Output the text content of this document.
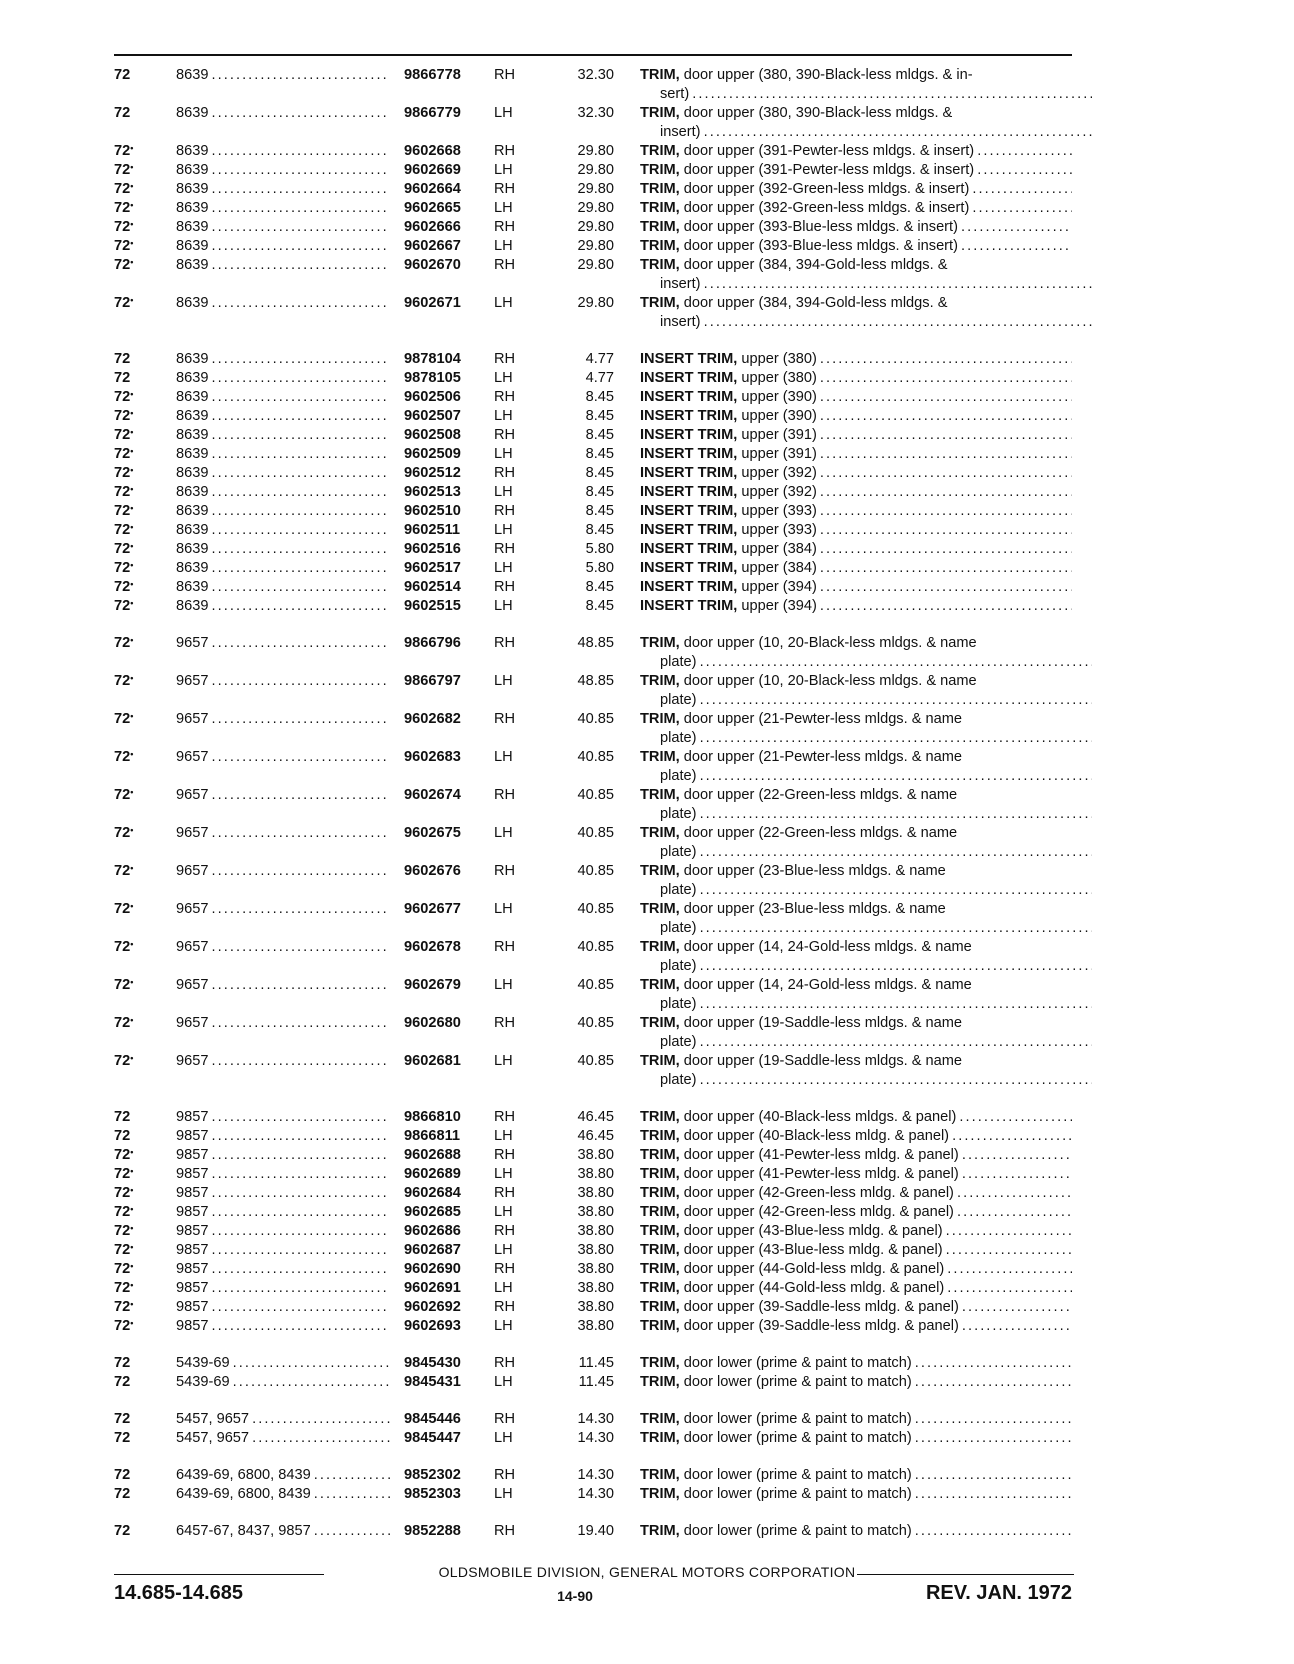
72	8639 . . .	9866778 RH	32.30 TRIM, door upper (380, 390-Black-less mldgs. & in-
sert) . . .
72	8639 . . .	9866779 LH	32.30 TRIM, door upper (380, 390-Black-less mldgs. &
insert) . . .
72•	8639 . . .	9602668 RH	29.80 TRIM, door upper (391-Pewter-less mldgs. & insert) . . .
72•	8639 . . .	9602669 LH	29.80 TRIM, door upper (391-Pewter-less mldgs. & insert) . . .
72•	8639 . . .	9602664 RH	29.80 TRIM, door upper (392-Green-less mldgs. & insert) . . .
72•	8639 . . .	9602665 LH	29.80 TRIM, door upper (392-Green-less mldgs. & insert) . . .
72•	8639 . . .	9602666 RH	29.80 TRIM, door upper (393-Blue-less mldgs. & insert) . . .
72•	8639 . . .	9602667 LH	29.80 TRIM, door upper (393-Blue-less mldgs. & insert) . . .
72•	8639 . . .	9602670 RH	29.80 TRIM, door upper (384, 394-Gold-less mldgs. &
insert) . . .
72•	8639 . . .	9602671 LH	29.80 TRIM, door upper (384, 394-Gold-less mldgs. &
insert) . . .
72	8639 . . .	9878104 RH	4.77 INSERT TRIM, upper (380) . . .
72	8639 . . .	9878105 LH	4.77 INSERT TRIM, upper (380) . . .
72•	8639 . . .	9602506 RH	8.45 INSERT TRIM, upper (390) . . .
72•	8639 . . .	9602507 LH	8.45 INSERT TRIM, upper (390) . . .
72•	8639 . . .	9602508 RH	8.45 INSERT TRIM, upper (391) . . .
72•	8639 . . .	9602509 LH	8.45 INSERT TRIM, upper (391) . . .
72•	8639 . . .	9602512 RH	8.45 INSERT TRIM, upper (392) . . .
72•	8639 . . .	9602513 LH	8.45 INSERT TRIM, upper (392) . . .
72•	8639 . . .	9602510 RH	8.45 INSERT TRIM, upper (393) . . .
72•	8639 . . .	9602511 LH	8.45 INSERT TRIM, upper (393) . . .
72•	8639 . . .	9602516 RH	5.80 INSERT TRIM, upper (384) . . .
72•	8639 . . .	9602517 LH	5.80 INSERT TRIM, upper (384) . . .
72•	8639 . . .	9602514 RH	8.45 INSERT TRIM, upper (394) . . .
72•	8639 . . .	9602515 LH	8.45 INSERT TRIM, upper (394) . . .
72•	9657 . . .	9866796 RH	48.85 TRIM, door upper (10, 20-Black-less mldgs. & name
plate) . . .
72•	9657 . . .	9866797 LH	48.85 TRIM, door upper (10, 20-Black-less mldgs. & name
plate) . . .
72•	9657 . . .	9602682 RH	40.85 TRIM, door upper (21-Pewter-less mldgs. & name
plate) . . .
72•	9657 . . .	9602683 LH	40.85 TRIM, door upper (21-Pewter-less mldgs. & name
plate) . . .
72•	9657 . . .	9602674 RH	40.85 TRIM, door upper (22-Green-less mldgs. & name
plate) . . .
72•	9657 . . .	9602675 LH	40.85 TRIM, door upper (22-Green-less mldgs. & name
plate) . . .
72•	9657 . . .	9602676 RH	40.85 TRIM, door upper (23-Blue-less mldgs. & name
plate) . . .
72•	9657 . . .	9602677 LH	40.85 TRIM, door upper (23-Blue-less mldgs. & name
plate) . . .
72•	9657 . . .	9602678 RH	40.85 TRIM, door upper (14, 24-Gold-less mldgs. & name
plate) . . .
72•	9657 . . .	9602679 LH	40.85 TRIM, door upper (14, 24-Gold-less mldgs. & name
plate) . . .
72•	9657 . . .	9602680 RH	40.85 TRIM, door upper (19-Saddle-less mldgs. & name
plate) . . .
72•	9657 . . .	9602681 LH	40.85 TRIM, door upper (19-Saddle-less mldgs. & name
plate) . . .
72	9857 . . .	9866810 RH	46.45 TRIM, door upper (40-Black-less mldgs. & panel) . . .
72	9857 . . .	9866811 LH	46.45 TRIM, door upper (40-Black-less mldg. & panel) . . .
72•	9857 . . .	9602688 RH	38.80 TRIM, door upper (41-Pewter-less mldg. & panel) . . .
72•	9857 . . .	9602689 LH	38.80 TRIM, door upper (41-Pewter-less mldg. & panel) . . .
72•	9857 . . .	9602684 RH	38.80 TRIM, door upper (42-Green-less mldg. & panel) . . .
72•	9857 . . .	9602685 LH	38.80 TRIM, door upper (42-Green-less mldg. & panel) . . .
72•	9857 . . .	9602686 RH	38.80 TRIM, door upper (43-Blue-less mldg. & panel) . . .
72•	9857 . . .	9602687 LH	38.80 TRIM, door upper (43-Blue-less mldg. & panel) . . .
72•	9857 . . .	9602690 RH	38.80 TRIM, door upper (44-Gold-less mldg. & panel) . . .
72•	9857 . . .	9602691 LH	38.80 TRIM, door upper (44-Gold-less mldg. & panel) . . .
72•	9857 . . .	9602692 RH	38.80 TRIM, door upper (39-Saddle-less mldg. & panel) . . .
72•	9857 . . .	9602693 LH	38.80 TRIM, door upper (39-Saddle-less mldg. & panel) . . .
72	5439-69 . . .	9845430 RH	11.45 TRIM, door lower (prime & paint to match) . . .
72	5439-69 . . .	9845431 LH	11.45 TRIM, door lower (prime & paint to match) . . .
72	5457, 9657 . . .	9845446 RH	14.30 TRIM, door lower (prime & paint to match) . . .
72	5457, 9657 . . .	9845447 LH	14.30 TRIM, door lower (prime & paint to match) . . .
72	6439-69, 6800, 8439 . . .	9852302 RH	14.30 TRIM, door lower (prime & paint to match) . . .
72	6439-69, 6800, 8439 . . .	9852303 LH	14.30 TRIM, door lower (prime & paint to match) . . .
72	6457-67, 8437, 9857 . . .	9852288 RH	19.40 TRIM, door lower (prime & paint to match) . . .
OLDSMOBILE DIVISION, GENERAL MOTORS CORPORATION
14.685-14.685	14-90	REV. JAN. 1972
